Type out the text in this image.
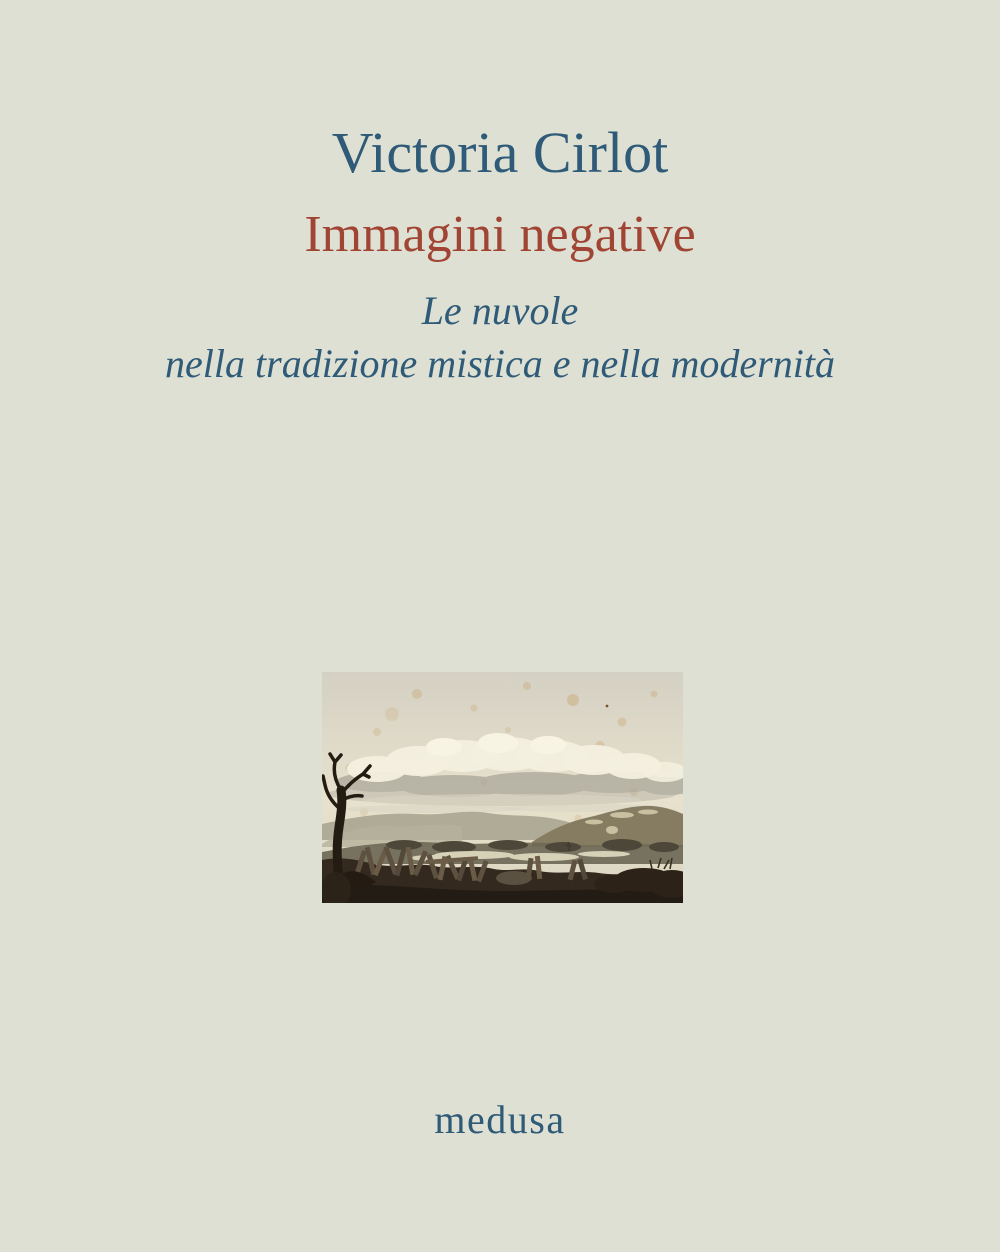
Victoria Cirlot
Immagini negative
Le nuvole
nella tradizione mistica e nella modernità
medusa
